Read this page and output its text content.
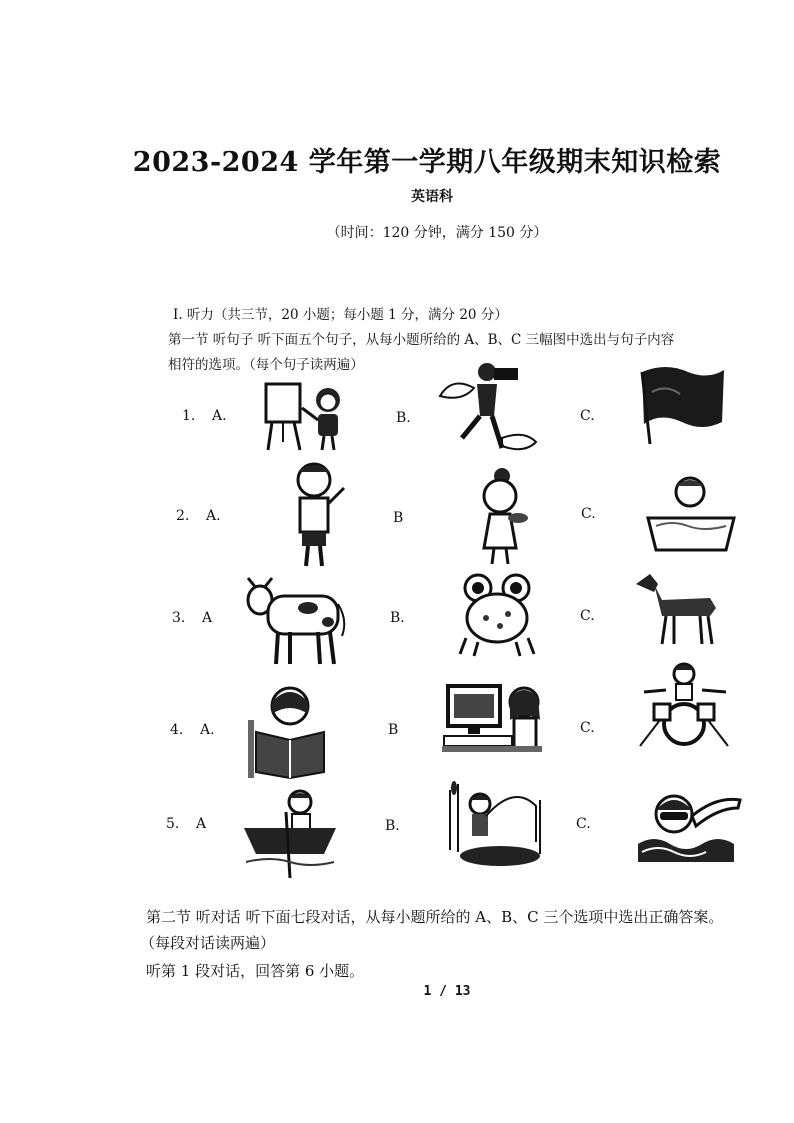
2023-2024 学年第一学期八年级期末知识检索
英语科
（时间：120 分钟，满分 150 分）
I. 听力（共三节，20 小题；每小题 1 分，满分 20 分）
第一节 听句子 听下面五个句子，从每小题所给的 A、B、C 三幅图中选出与句子内容
相符的选项。（每个句子读两遍）
1. A.	B.	C.
2. A.	B	C.
3. A	B.	C.
4. A.	B	C.
5. A	B.	C.
第二节 听对话 听下面七段对话，从每小题所给的 A、B、C 三个选项中选出正确答案。
（每段对话读两遍）
听第 1 段对话，回答第 6 小题。
1 / 13
